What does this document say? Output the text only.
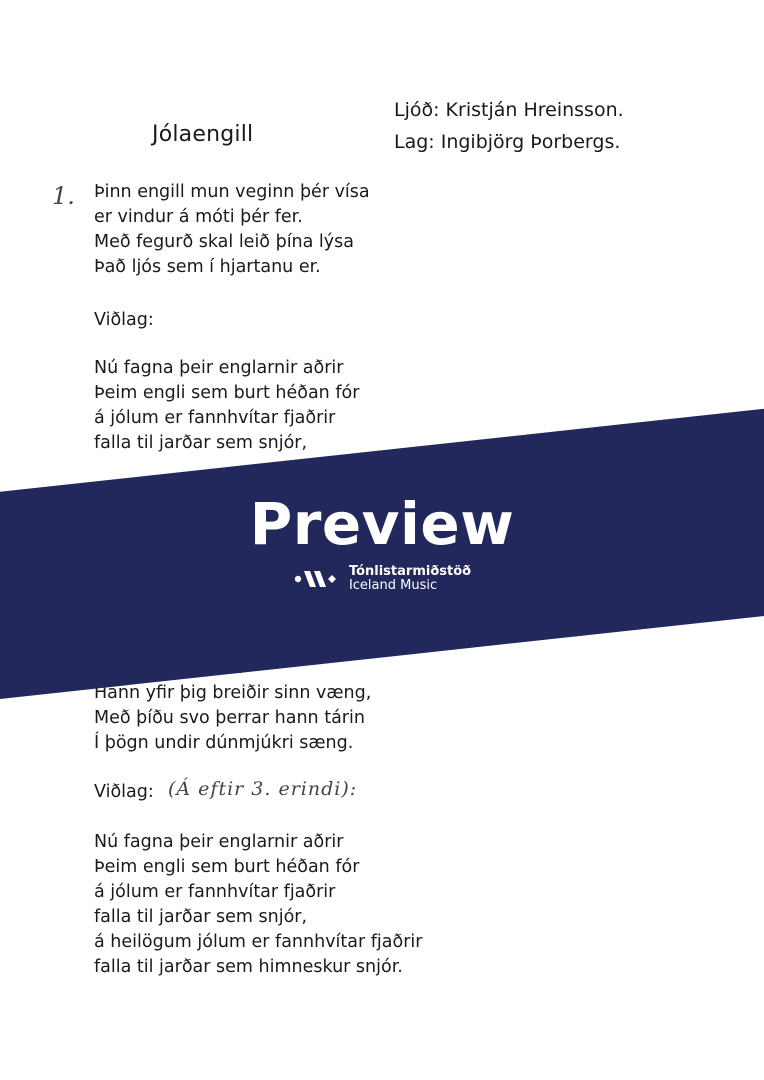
Ljóð: Kristján Hreinsson.
Lag: Ingibjörg Þorbergs.
Jólaengill
1. Þinn engill mun veginn þér vísa
er vindur á móti þér fer.
Með fegurð skal leið þína lýsa
Það ljós sem í hjartanu er.
Viðlag:
Nú fagna þeir englarnir aðrir
Þeim engli sem burt héðan fór
á jólum er fannhvítar fjaðrir
falla til jarðar sem snjór,
Hann yfir þig breiðir sinn væng,
Með þíðu svo þerrar hann tárin
Í þögn undir dúnmjúkri sæng.
Viðlag: (Á eftir 3. erindi):
Nú fagna þeir englarnir aðrir
Þeim engli sem burt héðan fór
á jólum er fannhvítar fjaðrir
falla til jarðar sem snjór,
á heilögum jólum er fannhvítar fjaðrir
falla til jarðar sem himneskur snjór.
Preview
Tónlistarmiðstöð
Iceland Music
